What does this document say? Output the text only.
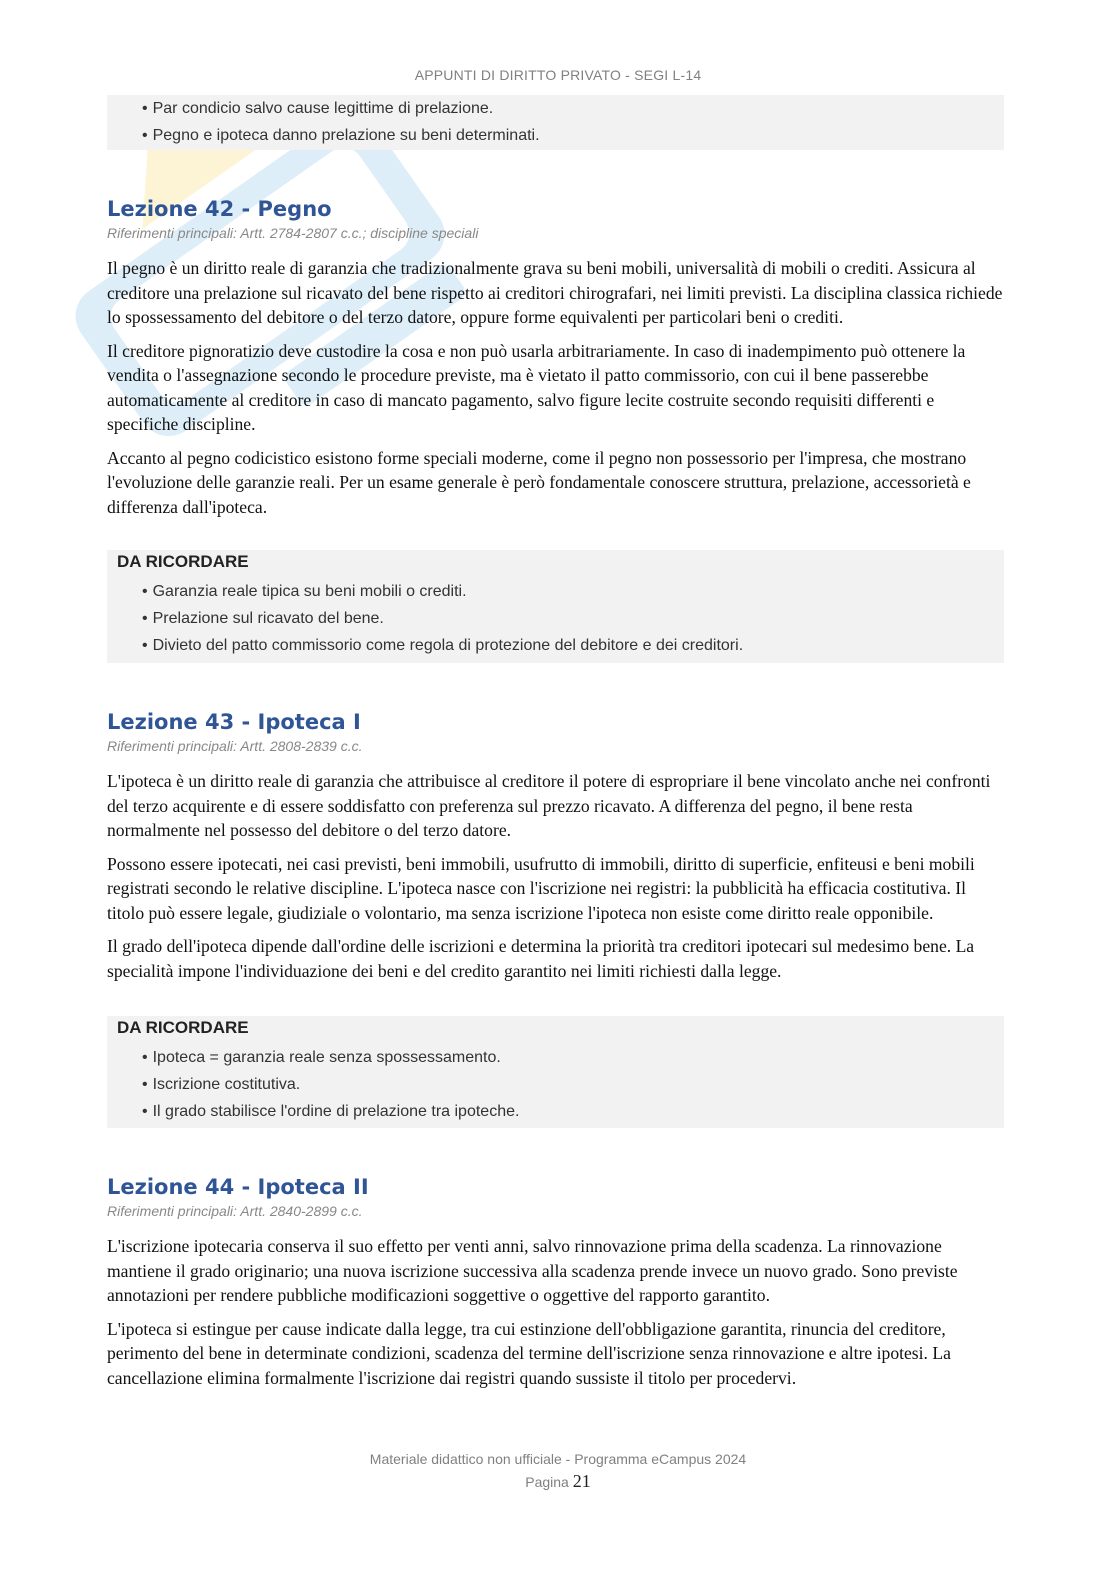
APPUNTI DI DIRITTO PRIVATO - SEGI L-14
• Par condicio salvo cause legittime di prelazione.
• Pegno e ipoteca danno prelazione su beni determinati.
Lezione 42 - Pegno

Riferimenti principali: Artt. 2784-2807 c.c.; discipline speciali

Il pegno è un diritto reale di garanzia che tradizionalmente grava su beni mobili, universalità di mobili o crediti. Assicura al creditore una prelazione sul ricavato del bene rispetto ai creditori chirografari, nei limiti previsti. La disciplina classica richiede lo spossessamento del debitore o del terzo datore, oppure forme equivalenti per particolari beni o crediti.

Il creditore pignoratizio deve custodire la cosa e non può usarla arbitrariamente. In caso di inadempimento può ottenere la vendita o l'assegnazione secondo le procedure previste, ma è vietato il patto commissorio, con cui il bene passerebbe automaticamente al creditore in caso di mancato pagamento, salvo figure lecite costruite secondo requisiti differenti e specifiche discipline.

Accanto al pegno codicistico esistono forme speciali moderne, come il pegno non possessorio per l'impresa, che mostrano l'evoluzione delle garanzie reali. Per un esame generale è però fondamentale conoscere struttura, prelazione, accessorietà e differenza dall'ipoteca.

DA RICORDARE
• Garanzia reale tipica su beni mobili o crediti.
• Prelazione sul ricavato del bene.
• Divieto del patto commissorio come regola di protezione del debitore e dei creditori.
Lezione 43 - Ipoteca I

Riferimenti principali: Artt. 2808-2839 c.c.

L'ipoteca è un diritto reale di garanzia che attribuisce al creditore il potere di espropriare il bene vincolato anche nei confronti del terzo acquirente e di essere soddisfatto con preferenza sul prezzo ricavato. A differenza del pegno, il bene resta normalmente nel possesso del debitore o del terzo datore.

Possono essere ipotecati, nei casi previsti, beni immobili, usufrutto di immobili, diritto di superficie, enfiteusi e beni mobili registrati secondo le relative discipline. L'ipoteca nasce con l'iscrizione nei registri: la pubblicità ha efficacia costitutiva. Il titolo può essere legale, giudiziale o volontario, ma senza iscrizione l'ipoteca non esiste come diritto reale opponibile.

Il grado dell'ipoteca dipende dall'ordine delle iscrizioni e determina la priorità tra creditori ipotecari sul medesimo bene. La specialità impone l'individuazione dei beni e del credito garantito nei limiti richiesti dalla legge.

DA RICORDARE
• Ipoteca = garanzia reale senza spossessamento.
• Iscrizione costitutiva.
• Il grado stabilisce l'ordine di prelazione tra ipoteche.
Lezione 44 - Ipoteca II

Riferimenti principali: Artt. 2840-2899 c.c.

L'iscrizione ipotecaria conserva il suo effetto per venti anni, salvo rinnovazione prima della scadenza. La rinnovazione mantiene il grado originario; una nuova iscrizione successiva alla scadenza prende invece un nuovo grado. Sono previste annotazioni per rendere pubbliche modificazioni soggettive o oggettive del rapporto garantito.

L'ipoteca si estingue per cause indicate dalla legge, tra cui estinzione dell'obbligazione garantita, rinuncia del creditore, perimento del bene in determinate condizioni, scadenza del termine dell'iscrizione senza rinnovazione e altre ipotesi. La cancellazione elimina formalmente l'iscrizione dai registri quando sussiste il titolo per procedervi.

Materiale didattico non ufficiale - Programma eCampus 2024
Pagina 21
